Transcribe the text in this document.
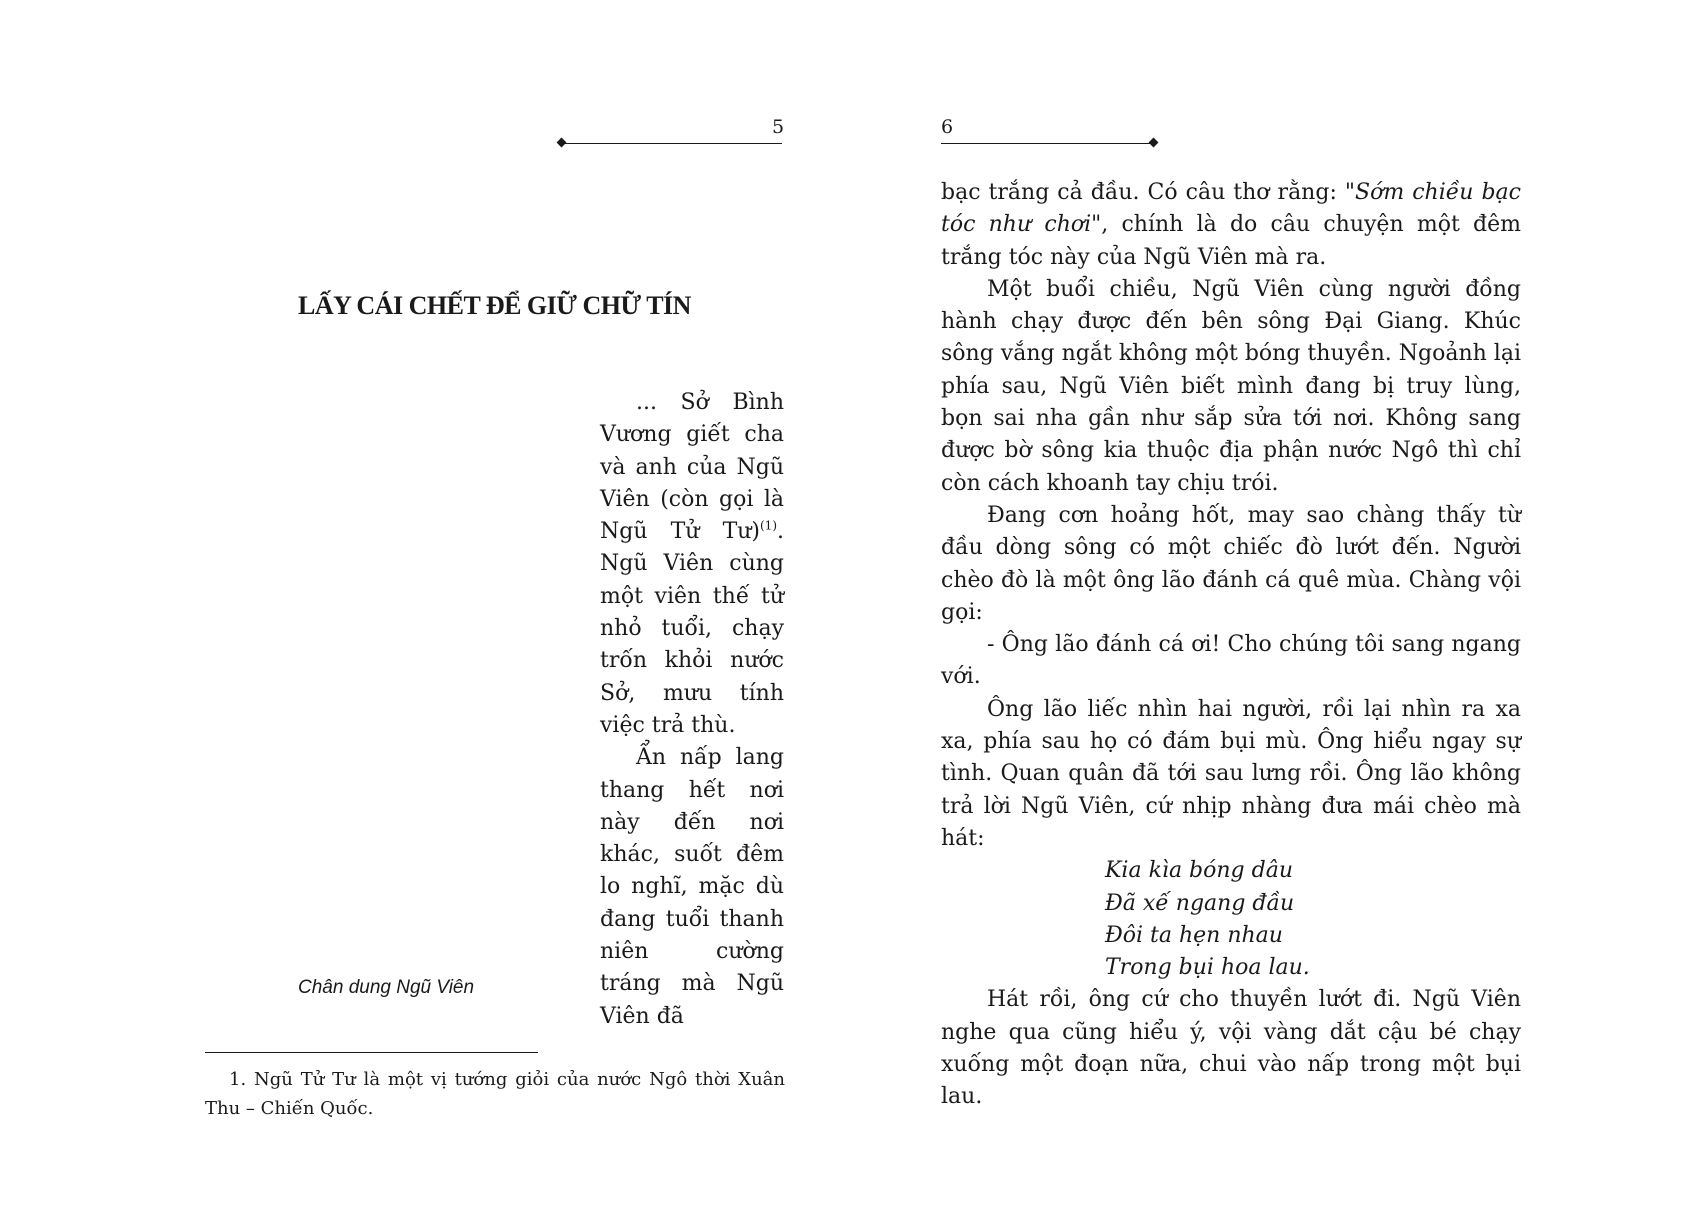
5
LẤY CÁI CHẾT ĐỂ GIỮ CHỮ TÍN
Chân dung Ngũ Viên

... Sở Bình Vương giết cha và anh của Ngũ Viên (còn gọi là Ngũ Tử Tư)$^{(1)}$. Ngũ Viên cùng một viên thế tử nhỏ tuổi, chạy trốn khỏi nước Sở, mưu tính việc trả thù.

Ẩn nấp lang thang hết nơi này đến nơi khác, suốt đêm lo nghĩ, mặc dù đang tuổi thanh niên cường tráng mà Ngũ Viên đã

1. Ngũ Tử Tư là một vị tướng giỏi của nước Ngô thời Xuân Thu – Chiến Quốc.

6

bạc trắng cả đầu. Có câu thơ rằng: "Sớm chiều bạc tóc như chơi", chính là do câu chuyện một đêm trắng tóc này của Ngũ Viên mà ra.

Một buổi chiều, Ngũ Viên cùng người đồng hành chạy được đến bên sông Đại Giang. Khúc sông vắng ngắt không một bóng thuyền. Ngoảnh lại phía sau, Ngũ Viên biết mình đang bị truy lùng, bọn sai nha gần như sắp sửa tới nơi. Không sang được bờ sông kia thuộc địa phận nước Ngô thì chỉ còn cách khoanh tay chịu trói.

Đang cơn hoảng hốt, may sao chàng thấy từ đầu dòng sông có một chiếc đò lướt đến. Người chèo đò là một ông lão đánh cá quê mùa. Chàng vội gọi:

- Ông lão đánh cá ơi! Cho chúng tôi sang ngang với.

Ông lão liếc nhìn hai người, rồi lại nhìn ra xa xa, phía sau họ có đám bụi mù. Ông hiểu ngay sự tình. Quan quân đã tới sau lưng rồi. Ông lão không trả lời Ngũ Viên, cứ nhịp nhàng đưa mái chèo mà hát:

Kia kìa bóng dâu
Đã xế ngang đầu
Đôi ta hẹn nhau
Trong bụi hoa lau.

Hát rồi, ông cứ cho thuyền lướt đi. Ngũ Viên nghe qua cũng hiểu ý, vội vàng dắt cậu bé chạy xuống một đoạn nữa, chui vào nấp trong một bụi lau.
